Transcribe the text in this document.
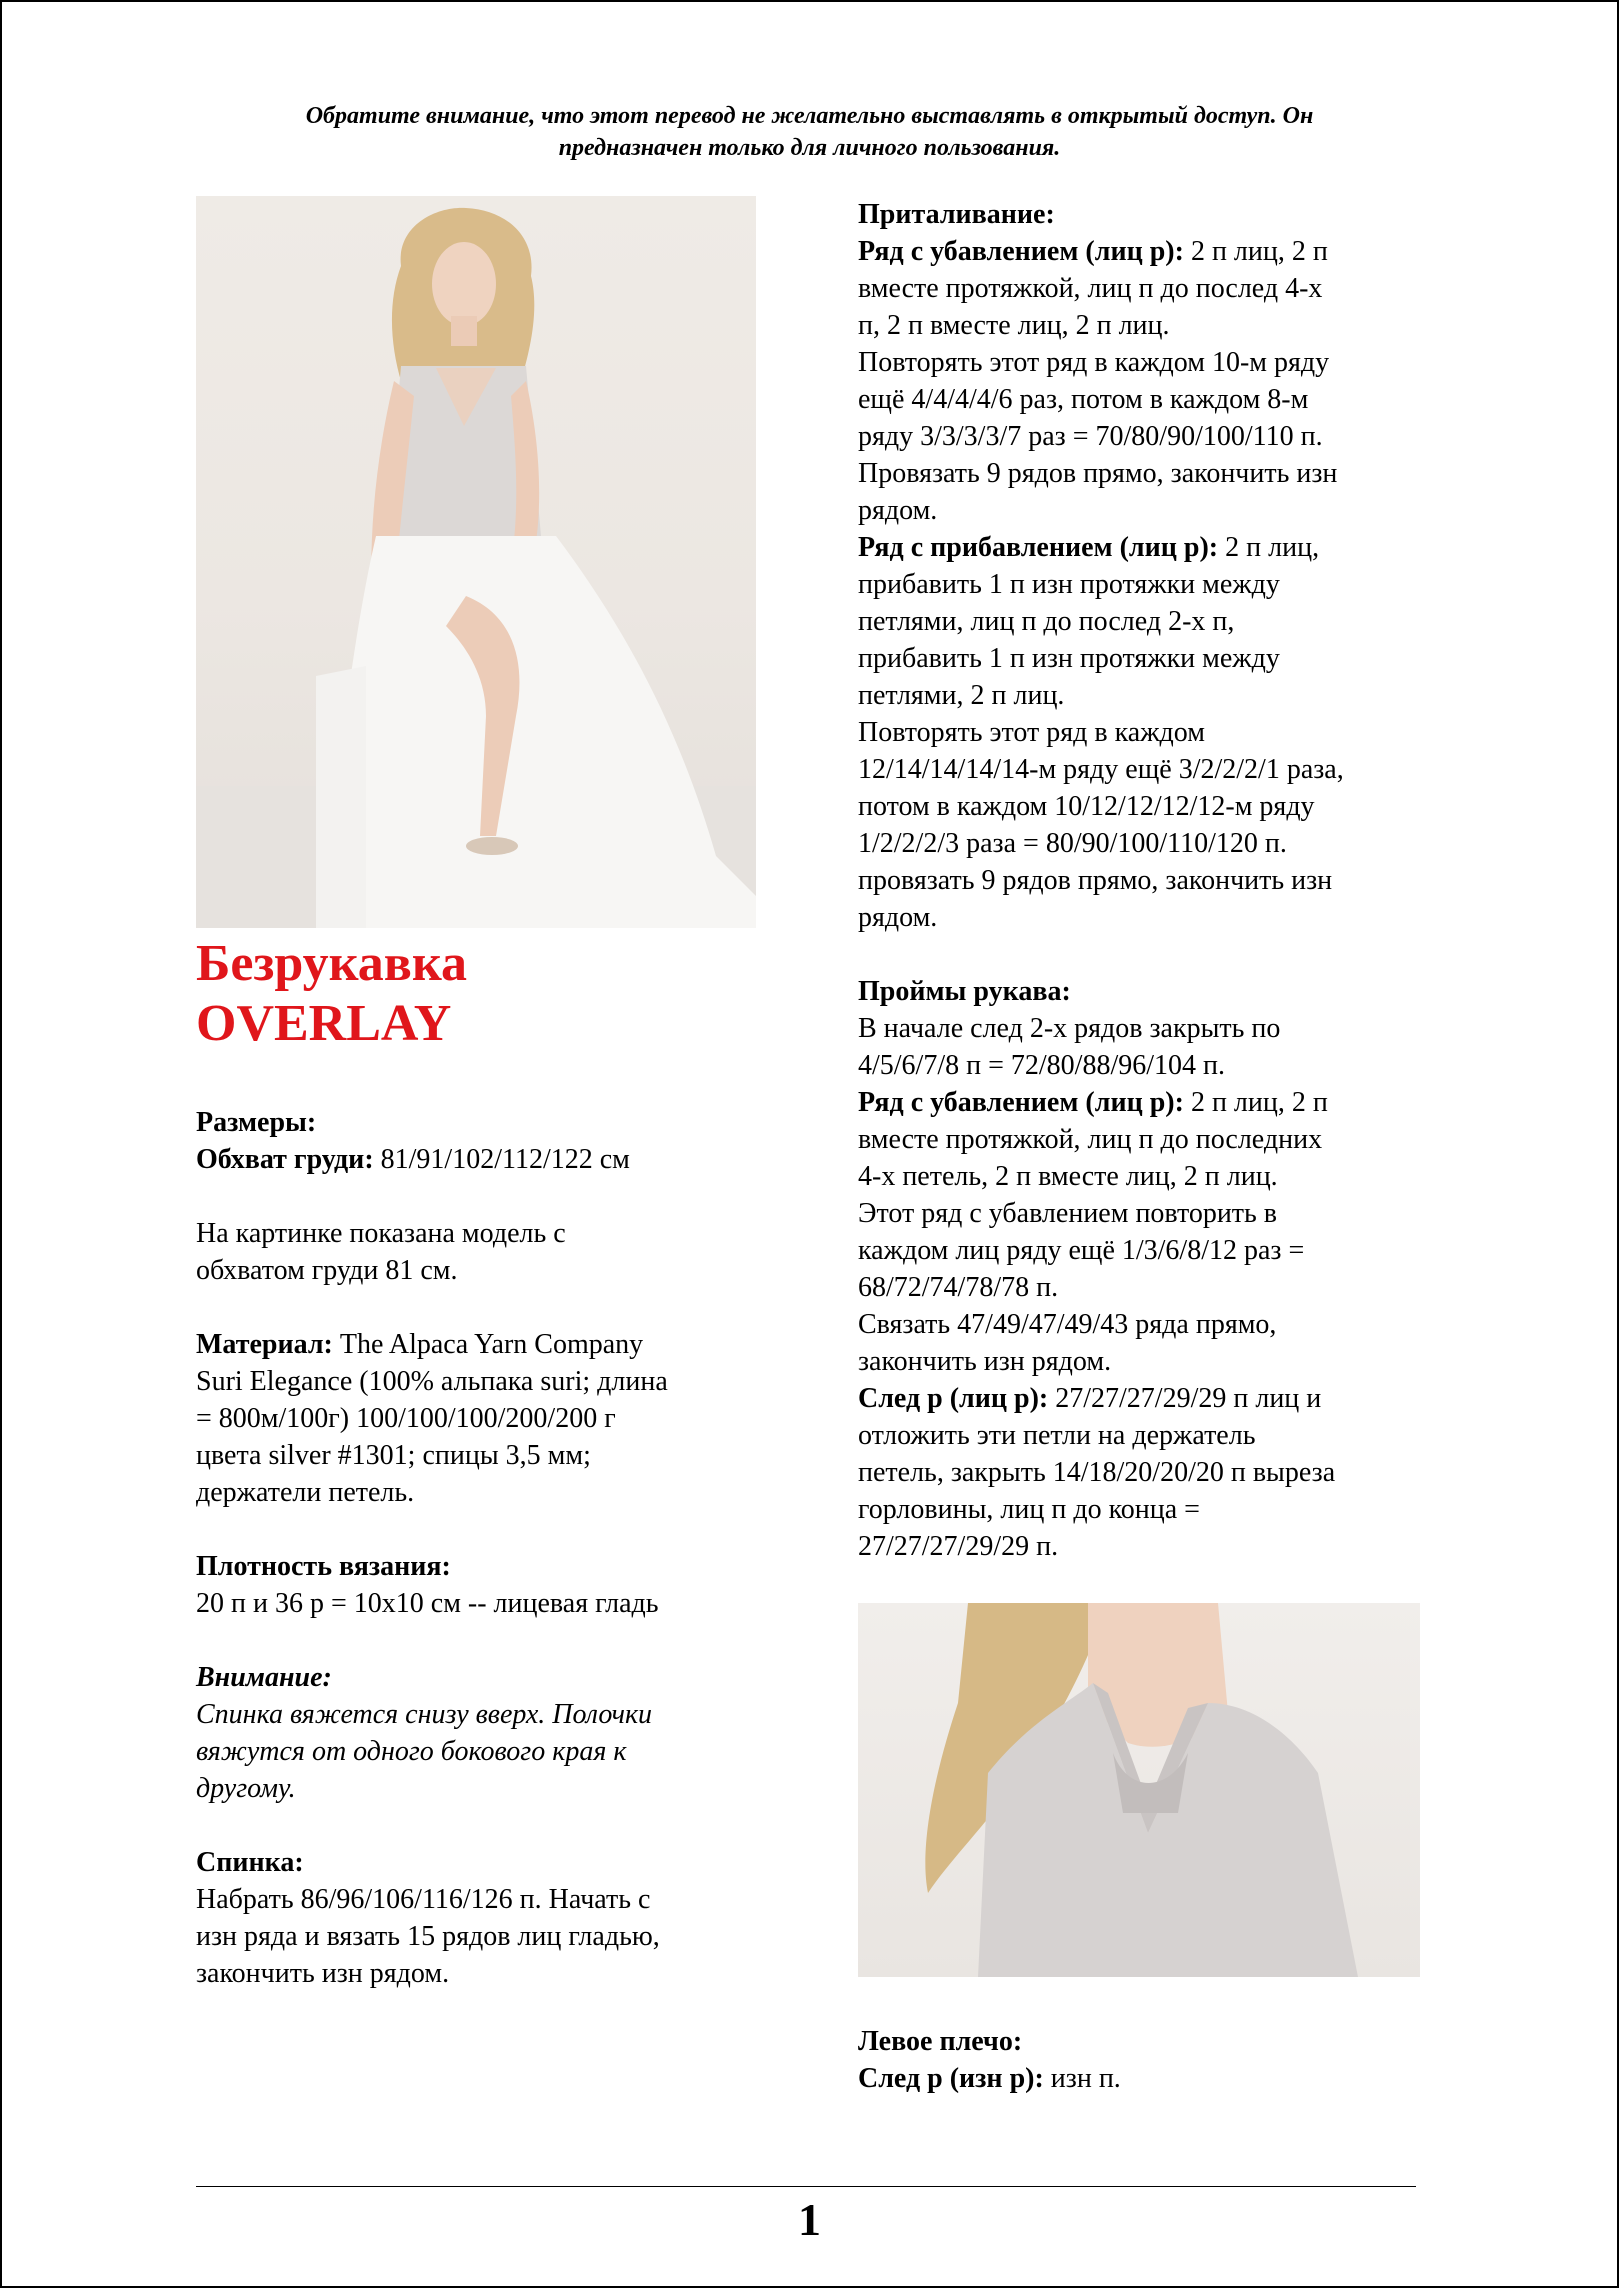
Обратите внимание, что этот перевод не желательно выставлять в открытый доступ. Он
предназначен только для личного пользования.
Безрукавка
OVERLAY

Размеры:

Обхват груди: 81/91/102/112/122 см

На картинке показана модель с

обхватом груди 81 см.

Материал: The Alpaca Yarn Company

Suri Elegance (100% альпака suri; длина

= 800м/100г) 100/100/100/200/200 г

цвета silver #1301; спицы 3,5 мм;

держатели петель.

Плотность вязания:

20 п и 36 р = 10х10 см -- лицевая гладь

Внимание:

Спинка вяжется снизу вверх. Полочки

вяжутся от одного бокового края к

другому.

Спинка:

Набрать 86/96/106/116/126 п. Начать с

изн ряда и вязать 15 рядов лиц гладью,

закончить изн рядом.

Приталивание:

Ряд с убавлением (лиц р): 2 п лиц, 2 п

вместе протяжкой, лиц п до послед 4-х

п, 2 п вместе лиц, 2 п лиц.

Повторять этот ряд в каждом 10-м ряду

ещё 4/4/4/4/6 раз, потом в каждом 8-м

ряду 3/3/3/3/7 раз = 70/80/90/100/110 п.

Провязать 9 рядов прямо, закончить изн

рядом.

Ряд с прибавлением (лиц р): 2 п лиц,

прибавить 1 п изн протяжки между

петлями, лиц п до послед 2-х п,

прибавить 1 п изн протяжки между

петлями, 2 п лиц.

Повторять этот ряд в каждом

12/14/14/14/14-м ряду ещё 3/2/2/2/1 раза,

потом в каждом 10/12/12/12/12-м ряду

1/2/2/2/3 раза = 80/90/100/110/120 п.

провязать 9 рядов прямо, закончить изн

рядом.

Проймы рукава:

В начале след 2-х рядов закрыть по

4/5/6/7/8 п = 72/80/88/96/104 п.

Ряд с убавлением (лиц р): 2 п лиц, 2 п

вместе протяжкой, лиц п до последних

4-х петель, 2 п вместе лиц, 2 п лиц.

Этот ряд с убавлением повторить в

каждом лиц ряду ещё 1/3/6/8/12 раз =

68/72/74/78/78 п.

Связать 47/49/47/49/43 ряда прямо,

закончить изн рядом.

След р (лиц р): 27/27/27/29/29 п лиц и

отложить эти петли на держатель

петель, закрыть 14/18/20/20/20 п выреза

горловины, лиц п до конца =

27/27/27/29/29 п.

Левое плечо:

След р (изн р): изн п.

1
